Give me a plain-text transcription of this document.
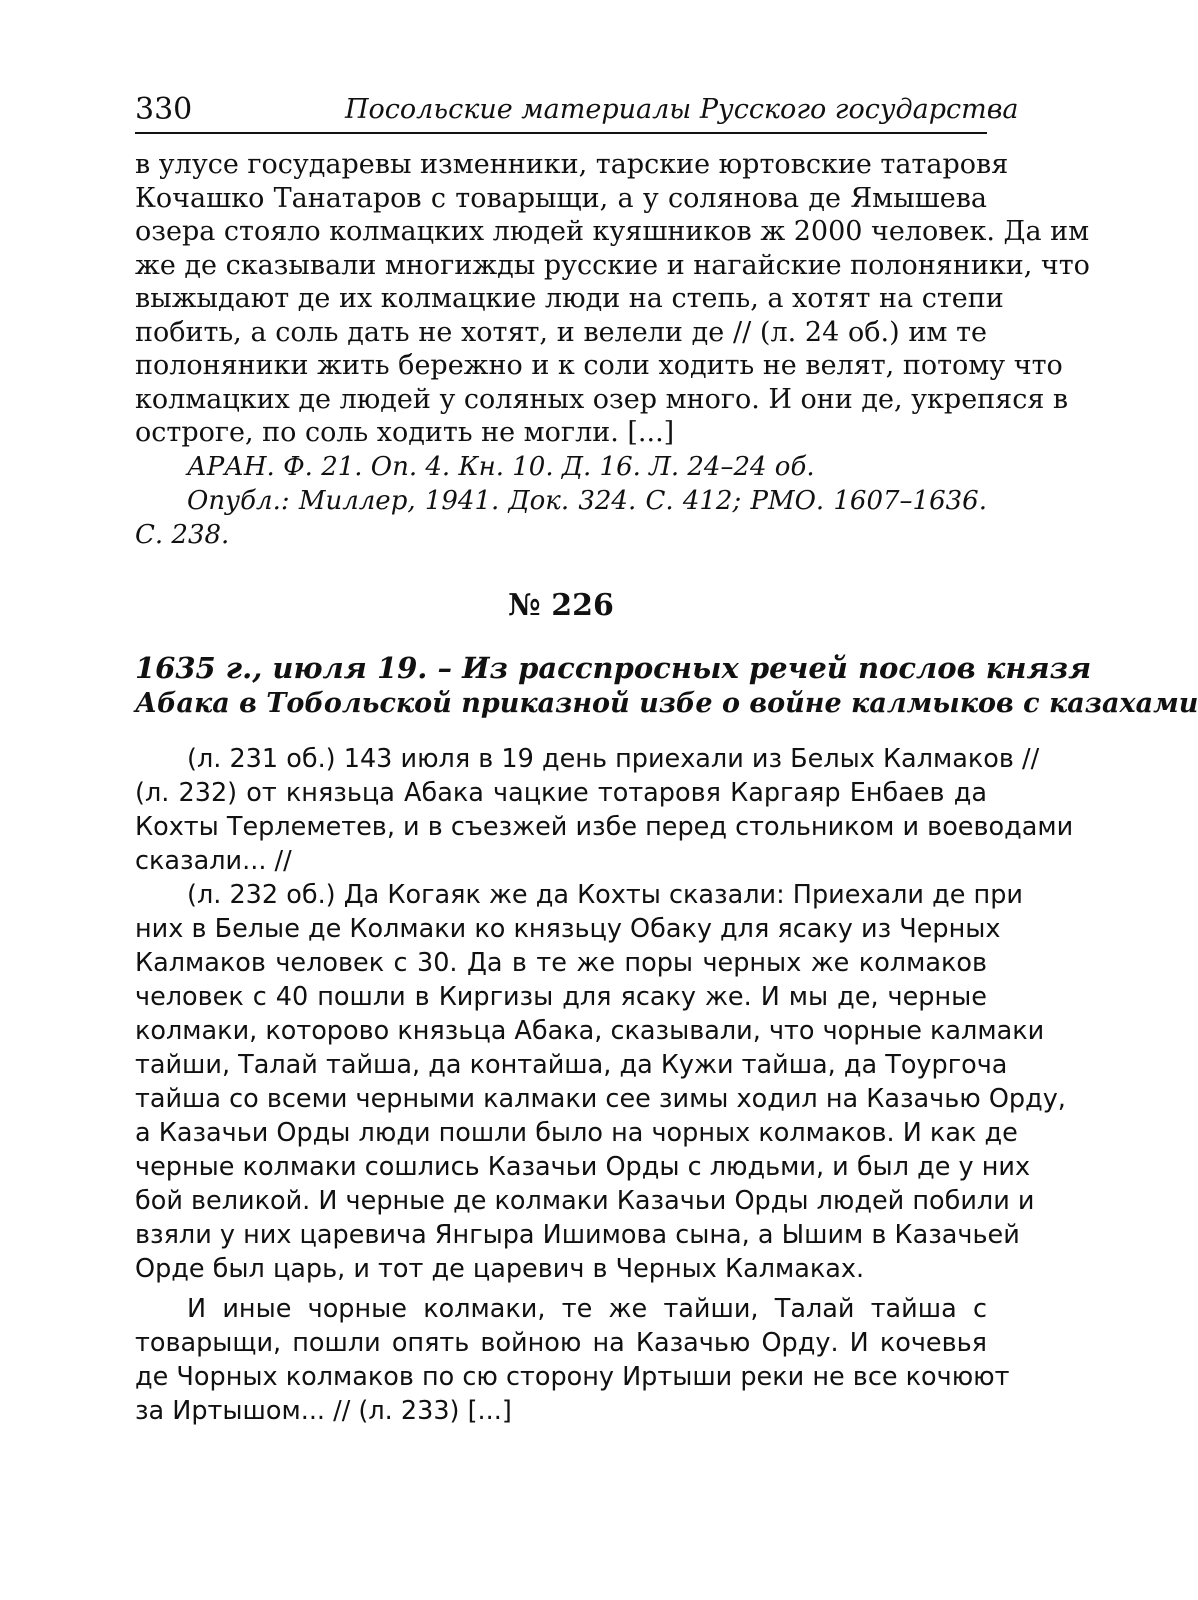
330	Посольские материалы Русского государства
в улусе государевы изменники, тарские юртовские татаровя
Кочашко Танатаров с товарыщи, а у солянова де Ямышева
озера стояло колмацких людей куяшников ж 2000 человек. Да им
же де сказывали многижды русские и нагайские полоняники, что
выжыдают де их колмацкие люди на степь, а хотят на степи
побить, а соль дать не хотят, и велели де // (л. 24 об.) им те
полоняники жить бережно и к соли ходить не велят, потому что
колмацких де людей у соляных озер много. И они де, укрепяся в
остроге, по соль ходить не могли. [...]
АРАН. Ф. 21. Оп. 4. Кн. 10. Д. 16. Л. 24–24 об.
Опубл.: Миллер, 1941. Док. 324. С. 412; РМО. 1607–1636.
С. 238.
№ 226
1635 г., июля 19. – Из расспросных речей послов князя
Абака в Тобольской приказной избе о войне калмыков с казахами
(л. 231 об.) 143 июля в 19 день приехали из Белых Калмаков //
(л. 232) от князьца Абака чацкие тотаровя Каргаяр Енбаев да
Кохты Терлеметев, и в съезжей избе перед стольником и воеводами
сказали... //
(л. 232 об.) Да Когаяк же да Кохты сказали: Приехали де при
них в Белые де Колмаки ко князьцу Обаку для ясаку из Черных
Калмаков человек с 30. Да в те же поры черных же колмаков
человек с 40 пошли в Киргизы для ясаку же. И мы де, черные
колмаки, которово князьца Абака, сказывали, что чорные калмаки
тайши, Талай тайша, да контайша, да Кужи тайша, да Тоургоча
тайша со всеми черными калмаки сее зимы ходил на Казачью Орду,
а Казачьи Орды люди пошли было на чорных колмаков. И как де
черные колмаки сошлись Казачьи Орды с людьми, и был де у них
бой великой. И черные де колмаки Казачьи Орды людей побили и
взяли у них царевича Янгыра Ишимова сына, а Ышим в Казачьей
Орде был царь, и тот де царевич в Черных Калмаках.
И иные чорные колмаки, те же тайши, Талай тайша с
товарыщи, пошли опять войною на Казачью Орду. И кочевья
де Чорных колмаков по сю сторону Иртыши реки не все кочюют
за Иртышом... // (л. 233) [...]
